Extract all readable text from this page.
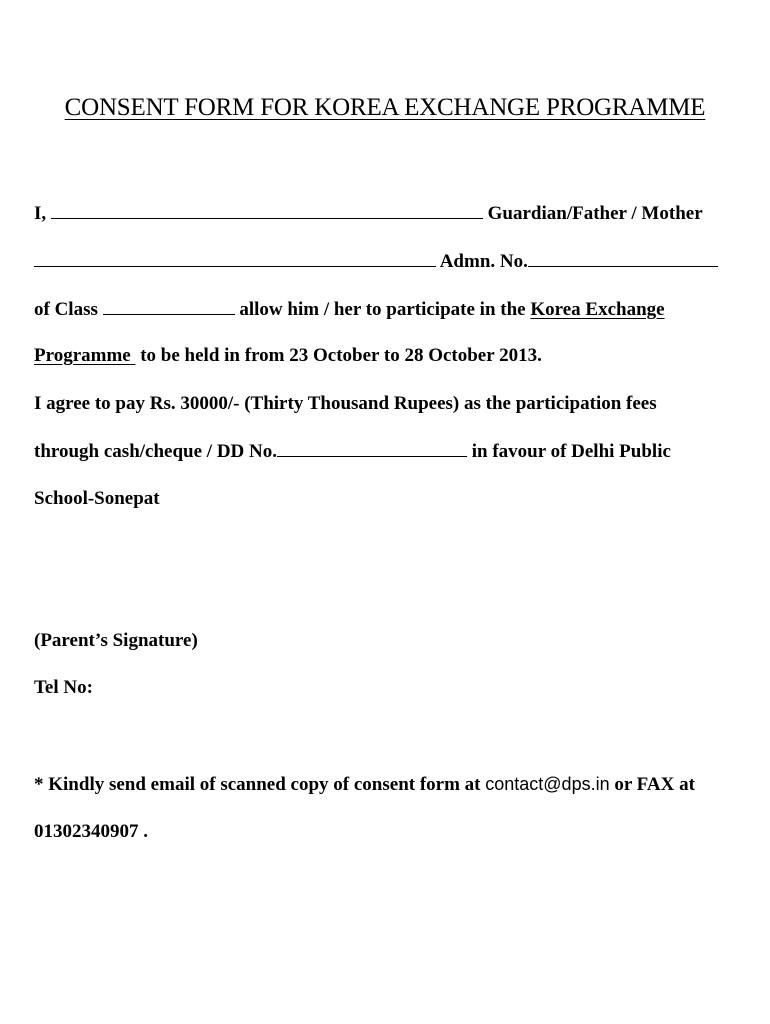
CONSENT FORM FOR KOREA EXCHANGE PROGRAMME
I,	Guardian/Father / Mother
Admn. No.
of Class	allow him / her to participate in the Korea Exchange
Programme to be held in from 23 October to 28 October 2013.
I agree to pay Rs. 30000/- (Thirty Thousand Rupees) as the participation fees
through cash/cheque / DD No.	in favour of Delhi Public
School-Sonepat
(Parent’s Signature)
Tel No:
* Kindly send email of scanned copy of consent form at contact@dps.in or FAX at
01302340907 .
